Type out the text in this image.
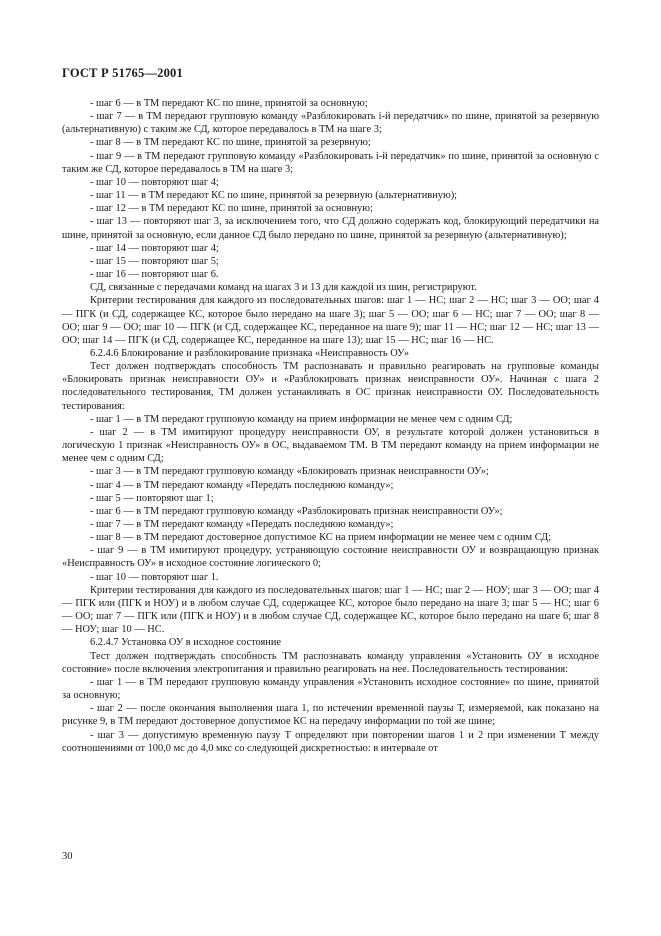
ГОСТ Р 51765—2001

- шаг 6 — в ТМ передают КС по шине, принятой за основную;

- шаг 7 — в ТМ передают групповую команду «Разблокировать i-й передатчик» по шине, принятой за резервную (альтернативную) с таким же СД, которое передавалось в ТМ на шаге 3;

- шаг 8 — в ТМ передают КС по шине, принятой за резервную;

- шаг 9 — в ТМ передают групповую команду «Разблокировать i-й передатчик» по шине, принятой за основную с таким же СД, которое передавалось в ТМ на шаге 3;

- шаг 10 — повторяют шаг 4;

- шаг 11 — в ТМ передают КС по шине, принятой за резервную (альтернативную);

- шаг 12 — в ТМ передают КС по шине, принятой за основную;

- шаг 13 — повторяют шаг 3, за исключением того, что СД должно содержать код, блокирующий передатчики на шине, принятой за основную, если данное СД было передано по шине, принятой за резервную (альтернативную);

- шаг 14 — повторяют шаг 4;

- шаг 15 — повторяют шаг 5;

- шаг 16 — повторяют шаг 6.

СД, связанные с передачами команд на шагах 3 и 13 для каждой из шин, регистрируют.

Критерии тестирования для каждого из последовательных шагов: шаг 1 — НС; шаг 2 — НС; шаг 3 — ОО; шаг 4 — ПГК (и СД, содержащее КС, которое было передано на шаге 3); шаг 5 — ОО; шаг 6 — НС; шаг 7 — ОО; шаг 8 — ОО; шаг 9 — ОО; шаг 10 — ПГК (и СД, содержащее КС, переданное на шаге 9); шаг 11 — НС; шаг 12 — НС; шаг 13 — ОО; шаг 14 — ПГК (и СД, содержащее КС, переданное на шаге 13); шаг 15 — НС; шаг 16 — НС.

6.2.4.6 Блокирование и разблокирование признака «Неисправность ОУ»

Тест должен подтверждать способность ТМ распознавать и правильно реагировать на групповые команды «Блокировать признак неисправности ОУ» и «Разблокировать признак неисправности ОУ». Начиная с шага 2 последовательного тестирования, ТМ должен устанавливать в ОС признак неисправности ОУ. Последовательность тестирования:

- шаг 1 — в ТМ передают групповую команду на прием информации не менее чем с одним СД;

- шаг 2 — в ТМ имитируют процедуру неисправности ОУ, в результате которой должен установиться в логическую 1 признак «Неисправность ОУ» в ОС, выдаваемом ТМ. В ТМ передают команду на прием информации не менее чем с одним СД;

- шаг 3 — в ТМ передают групповую команду «Блокировать признак неисправности ОУ»;

- шаг 4 — в ТМ передают команду «Передать последнюю команду»;

- шаг 5 — повторяют шаг 1;

- шаг 6 — в ТМ передают групповую команду «Разблокировать признак неисправности ОУ»;

- шаг 7 — в ТМ передают команду «Передать последнюю команду»;

- шаг 8 — в ТМ передают достоверное допустимое КС на прием информации не менее чем с одним СД;

- шаг 9 — в ТМ имитируют процедуру, устраняющую состояние неисправности ОУ и возвращающую признак «Неисправность ОУ» в исходное состояние логического 0;

- шаг 10 — повторяют шаг 1.

Критерии тестирования для каждого из последовательных шагов: шаг 1 — НС; шаг 2 — НОУ; шаг 3 — ОО; шаг 4 — ПГК или (ПГК и НОУ) и в любом случае СД, содержащее КС, которое было передано на шаге 3; шаг 5 — НС; шаг 6 — ОО; шаг 7 — ПГК или (ПГК и НОУ) и в любом случае СД, содержащее КС, которое было передано на шаге 6; шаг 8 — НОУ; шаг 10 — НС.

6.2.4.7 Установка ОУ в исходное состояние

Тест должен подтверждать способность ТМ распознавать команду управления «Установить ОУ в исходное состояние» после включения электропитания и правильно реагировать на нее. Последовательность тестирования:

- шаг 1 — в ТМ передают групповую команду управления «Установить исходное состояние» по шине, принятой за основную;

- шаг 2 — после окончания выполнения шага 1, по истечении временной паузы Т, измеряемой, как показано на рисунке 9, в ТМ передают достоверное допустимое КС на передачу информации по той же шине;

- шаг 3 — допустимую временную паузу Т определяют при повторении шагов 1 и 2 при изменении Т между соотношениями от 100,0 мс до 4,0 мкс со следующей дискретностью: в интервале от

30
